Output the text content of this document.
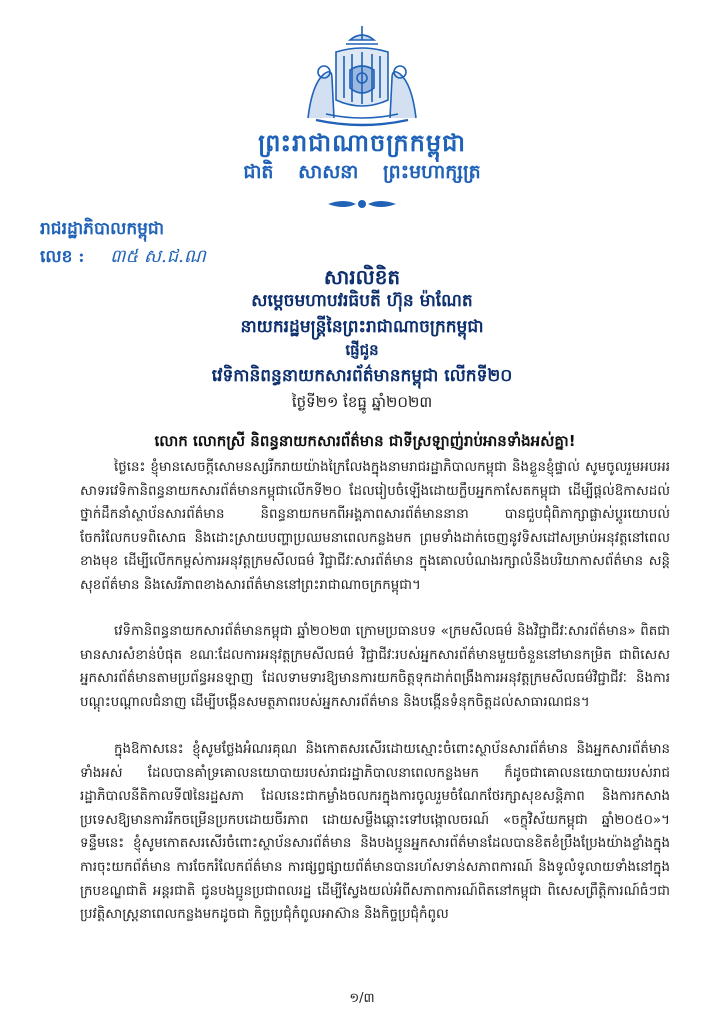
ព្រះរាជាណាចក្រកម្ពុជា
ជាតិ សាសនា ព្រះមហាក្សត្រ
រាជរដ្ឋាភិបាលកម្ពុជា
លេខ : ៣៥ ស.ជ.ណ
សារលិខិត
សម្ដេចមហាបវរធិបតី ហ៊ុន ម៉ាណែត
នាយករដ្ឋមន្ត្រីនៃព្រះរាជាណាចក្រកម្ពុជា
ផ្ញើជូន
វេទិកានិពន្ធនាយកសារព័ត៌មានកម្ពុជា លើកទី២០
ថ្ងៃទី២១ ខែធ្នូ ឆ្នាំ២០២៣
លោក លោកស្រី និពន្ធនាយកសារព័ត៌មាន ជាទីស្រឡាញ់រាប់អានទាំងអស់គ្នា!
ថ្ងៃនេះ ខ្ញុំមានសេចក្តីសោមនស្សរីករាយយ៉ាងក្រៃលែងក្នុងនាមរាជរដ្ឋាភិបាលកម្ពុជា និងខ្លួនខ្ញុំផ្ទាល់ សូមចូលរួមអបអរសាទរវេទិកានិពន្ធនាយកសារព័ត៌មានកម្ពុជាលើកទី២០ ដែលរៀបចំឡើងដោយក្លឹបអ្នកកាសែតកម្ពុជា ដើម្បីផ្តល់ឱកាសដល់ថ្នាក់ដឹកនាំស្ថាប័នសារព័ត៌មាន និពន្ធនាយកមកពីអង្គភាពសារព័ត៌មាននានា បានជួបជុំពិភាក្សាផ្លាស់ប្តូរយោបល់ ចែករំលែកបទពិសោធ និងដោះស្រាយបញ្ហាប្រឈមនាពេលកន្លងមក ព្រមទាំងដាក់ចេញនូវទិសដៅសម្រាប់អនុវត្តនៅពេលខាងមុខ ដើម្បីលើកកម្ពស់ការអនុវត្តក្រមសីលធម៌ វិជ្ជាជីវៈសារព័ត៌មាន ក្នុងគោលបំណងរក្សាលំនឹងបរិយាកាសព័ត៌មាន សន្តិសុខព័ត៌មាន និងសេរីភាពខាងសារព័ត៌មាននៅព្រះរាជាណាចក្រកម្ពុជា។
វេទិកានិពន្ធនាយកសារព័ត៌មានកម្ពុជា ឆ្នាំ២០២៣ ក្រោមប្រធានបទ «ក្រមសីលធម៌ និងវិជ្ជាជីវៈសារព័ត៌មាន» ពិតជាមានសារសំខាន់បំផុត ខណៈដែលការអនុវត្តក្រមសីលធម៌ វិជ្ជាជីវៈរបស់អ្នកសារព័ត៌មានមួយចំនួននៅមានកម្រិត ជាពិសេសអ្នកសារព័ត៌មានតាមប្រព័ន្ធអនឡាញ ដែលទាមទារឱ្យមានការយកចិត្តទុកដាក់ពង្រឹងការអនុវត្តក្រមសីលធម៌វិជ្ជាជីវៈ និងការបណ្តុះបណ្តាលជំនាញ ដើម្បីបង្កើនសមត្ថភាពរបស់អ្នកសារព័ត៌មាន និងបង្កើនទំនុកចិត្តដល់សាធារណជន។
ក្នុងឱកាសនេះ ខ្ញុំសូមថ្លែងអំណរគុណ និងកោតសរសើរដោយស្មោះចំពោះស្ថាប័នសារព័ត៌មាន និងអ្នកសារព័ត៌មានទាំងអស់ ដែលបានគាំទ្រគោលនយោបាយរបស់រាជរដ្ឋាភិបាលនាពេលកន្លងមក ក៏ដូចជាគោលនយោបាយរបស់រាជរដ្ឋាភិបាលនីតិកាលទី៧នៃរដ្ឋសភា ដែលនេះជាកម្លាំងចលករក្នុងការចូលរួមចំណែកថែរក្សាសុខសន្តិភាព និងការកសាងប្រទេសឱ្យមានការរីកចម្រើនប្រកបដោយចីរភាព ដោយសម្លឹងឆ្ពោះទៅបង្កោលចរណ៍ «ចក្ខុវិស័យកម្ពុជា ឆ្នាំ២០៥០»។ ទន្ទឹមនេះ ខ្ញុំសូមកោតសរសើរចំពោះស្ថាប័នសារព័ត៌មាន និងបងប្អូនអ្នកសារព័ត៌មានដែលបានខិតខំប្រឹងប្រែងយ៉ាងខ្លាំងក្នុងការចុះយកព័ត៌មាន ការចែករំលែកព័ត៌មាន ការផ្សព្វផ្សាយព័ត៌មានបានរហ័សទាន់សភាពការណ៍ និងទូលំទូលាយទាំងនៅក្នុងក្របខណ្ឌជាតិ អន្តរជាតិ ជូនបងប្អូនប្រជាពលរដ្ឋ ដើម្បីស្វែងយល់អំពីសភាពការណ៍ពិតនៅកម្ពុជា ពិសេសព្រឹត្តិការណ៍ធំៗជាប្រវត្តិសាស្ត្រនាពេលកន្លងមកដូចជា កិច្ចប្រជុំកំពូលអាស៊ាន និងកិច្ចប្រជុំកំពូល
១/៣
